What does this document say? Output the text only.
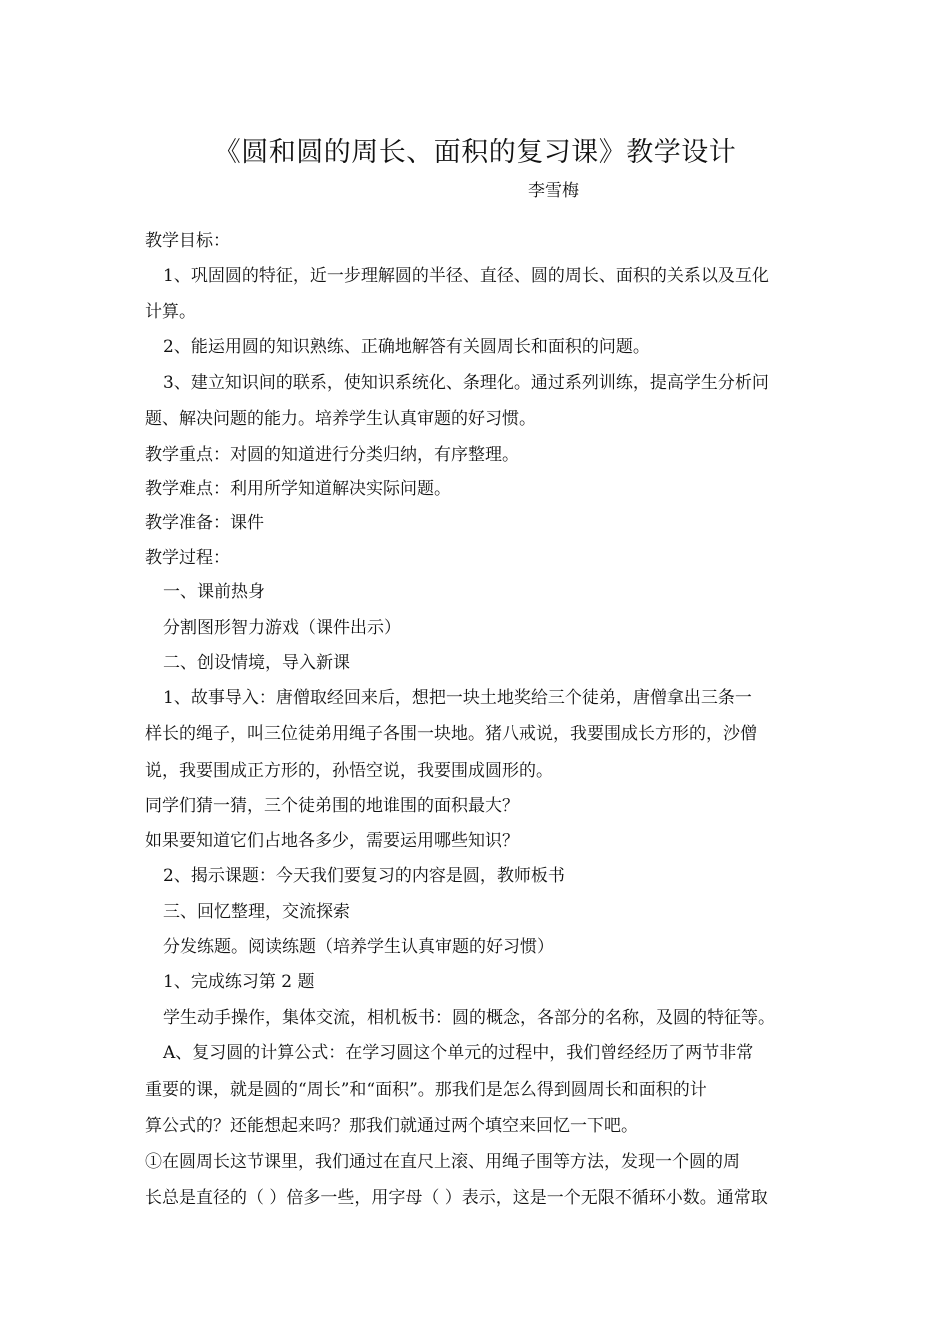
《圆和圆的周长、面积的复习课》教学设计
李雪梅
教学目标：
1、巩固圆的特征，近一步理解圆的半径、直径、圆的周长、面积的关系以及互化
计算。
2、能运用圆的知识熟练、正确地解答有关圆周长和面积的问题。
3、建立知识间的联系，使知识系统化、条理化。通过系列训练，提高学生分析问
题、解决问题的能力。培养学生认真审题的好习惯。
教学重点：对圆的知道进行分类归纳，有序整理。
教学难点：利用所学知道解决实际问题。
教学准备：课件
教学过程：
一、课前热身
分割图形智力游戏（课件出示）
二、创设情境，导入新课
1、故事导入：唐僧取经回来后，想把一块土地奖给三个徒弟，唐僧拿出三条一
样长的绳子，叫三位徒弟用绳子各围一块地。猪八戒说，我要围成长方形的，沙僧
说，我要围成正方形的，孙悟空说，我要围成圆形的。
同学们猜一猜，三个徒弟围的地谁围的面积最大？
如果要知道它们占地各多少，需要运用哪些知识？
2、揭示课题：今天我们要复习的内容是圆，教师板书
三、回忆整理，交流探索
分发练题。阅读练题（培养学生认真审题的好习惯）
1、完成练习第 2 题
学生动手操作，集体交流，相机板书：圆的概念，各部分的名称，及圆的特征等。
A、复习圆的计算公式：在学习圆这个单元的过程中，我们曾经经历了两节非常
重要的课，就是圆的“周长”和“面积”。那我们是怎么得到圆周长和面积的计
算公式的？还能想起来吗？那我们就通过两个填空来回忆一下吧。
①在圆周长这节课里，我们通过在直尺上滚、用绳子围等方法，发现一个圆的周
长总是直径的（ ）倍多一些，用字母（ ）表示，这是一个无限不循环小数。通常取
